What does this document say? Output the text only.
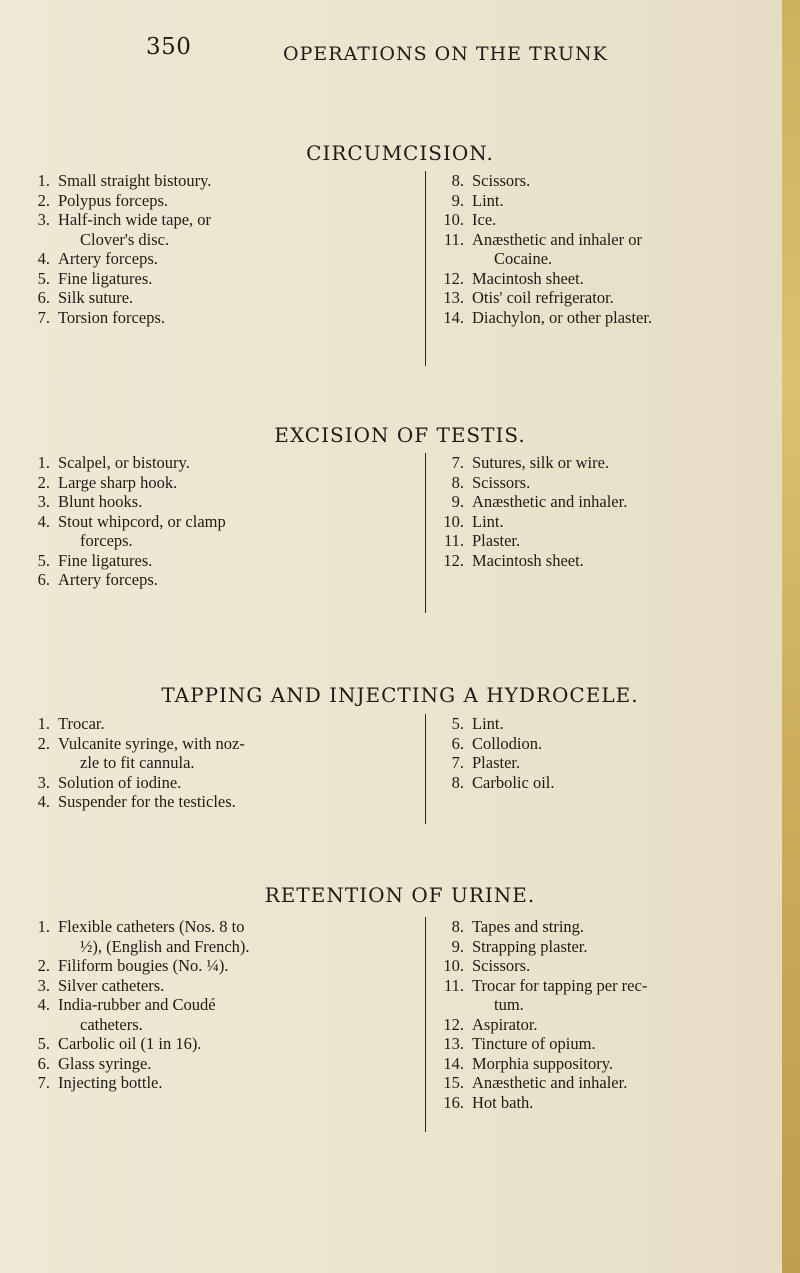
350	OPERATIONS ON THE TRUNK
CIRCUMCISION.
1. Small straight bistoury.
2. Polypus forceps.
3. Half-inch wide tape, or
Clover's disc.
4. Artery forceps.
5. Fine ligatures.
6. Silk suture.
7. Torsion forceps.
8. Scissors.
9. Lint.
10. Ice.
11. Anæsthetic and inhaler or
Cocaine.
12. Macintosh sheet.
13. Otis' coil refrigerator.
14. Diachylon, or other plaster.
EXCISION OF TESTIS.
1. Scalpel, or bistoury.
2. Large sharp hook.
3. Blunt hooks.
4. Stout whipcord, or clamp
forceps.
5. Fine ligatures.
6. Artery forceps.
7. Sutures, silk or wire.
8. Scissors.
9. Anæsthetic and inhaler.
10. Lint.
11. Plaster.
12. Macintosh sheet.
TAPPING AND INJECTING A HYDROCELE.
1. Trocar.
2. Vulcanite syringe, with noz-
zle to fit cannula.
3. Solution of iodine.
4. Suspender for the testicles.
5. Lint.
6. Collodion.
7. Plaster.
8. Carbolic oil.
RETENTION OF URINE.
1. Flexible catheters (Nos. 8 to
½), (English and French).
2. Filiform bougies (No. ¼).
3. Silver catheters.
4. India-rubber and Coudé
catheters.
5. Carbolic oil (1 in 16).
6. Glass syringe.
7. Injecting bottle.
8. Tapes and string.
9. Strapping plaster.
10. Scissors.
11. Trocar for tapping per rec-
tum.
12. Aspirator.
13. Tincture of opium.
14. Morphia suppository.
15. Anæsthetic and inhaler.
16. Hot bath.
